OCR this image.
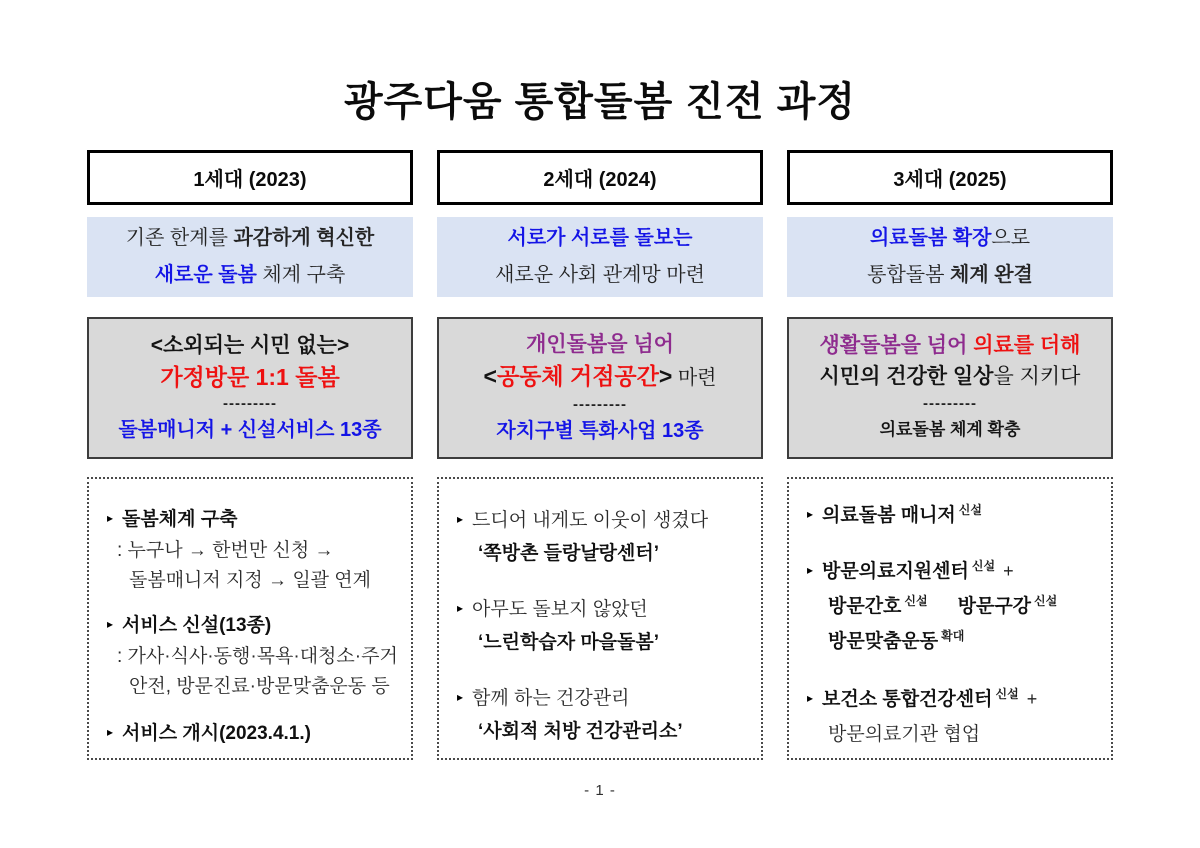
광주다움 통합돌봄 진전 과정
1세대 (2023)
기존 한계를 과감하게 혁신한
새로운 돌봄 체계 구축
<소외되는 시민 없는>
가정방문 1:1 돌봄
---------
돌봄매니저 + 신설서비스 13종
▸ 돌봄체계 구축
: 누구나 → 한번만 신청 →
돌봄매니저 지정 → 일괄 연계
▸ 서비스 신설(13종)
: 가사·식사·동행·목욕·대청소·주거
안전, 방문진료·방문맞춤운동 등
▸ 서비스 개시(2023.4.1.)
2세대 (2024)
서로가 서로를 돌보는
새로운 사회 관계망 마련
개인돌봄을 넘어
<공동체 거점공간> 마련
---------
자치구별 특화사업 13종
▸ 드디어 내게도 이웃이 생겼다
‘쪽방촌 들랑날랑센터’
▸ 아무도 돌보지 않았던
‘느린학습자 마을돌봄’
▸ 함께 하는 건강관리
‘사회적 처방 건강관리소’
3세대 (2025)
의료돌봄 확장으로
통합돌봄 체계 완결
생활돌봄을 넘어 의료를 더해
시민의 건강한 일상을 지키다
---------
의료돌봄 체계 확충
▸ 의료돌봄 매니저 $^{신설}$
▸ 방문의료지원센터 $^{신설}$ +
방문간호 $^{신설}$ 방문구강 $^{신설}$
방문맞춤운동 $^{확대}$
▸ 보건소 통합건강센터 $^{신설}$ +
방문의료기관 협업
- 1 -
